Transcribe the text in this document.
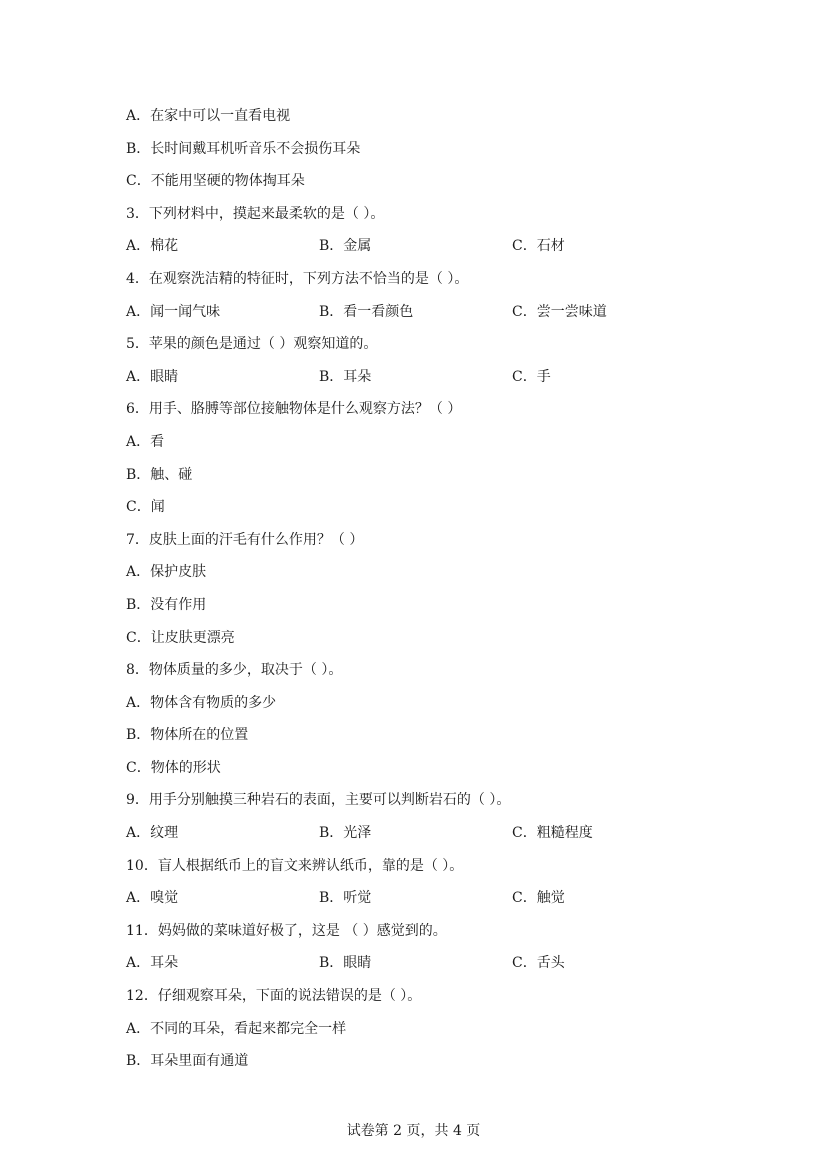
A．在家中可以一直看电视
B．长时间戴耳机听音乐不会损伤耳朵
C．不能用坚硬的物体掏耳朵
3．下列材料中，摸起来最柔软的是（ ）。
A．棉花	B．金属	C．石材
4．在观察洗洁精的特征时，下列方法不恰当的是（ ）。
A．闻一闻气味	B．看一看颜色	C．尝一尝味道
5．苹果的颜色是通过（ ）观察知道的。
A．眼睛	B．耳朵	C．手
6．用手、胳膊等部位接触物体是什么观察方法？（ ）
A．看
B．触、碰
C．闻
7．皮肤上面的汗毛有什么作用？（ ）
A．保护皮肤
B．没有作用
C．让皮肤更漂亮
8．物体质量的多少，取决于（ ）。
A．物体含有物质的多少
B．物体所在的位置
C．物体的形状
9．用手分别触摸三种岩石的表面，主要可以判断岩石的（ ）。
A．纹理	B．光泽	C．粗糙程度
10．盲人根据纸币上的盲文来辨认纸币，靠的是（ ）。
A．嗅觉	B．听觉	C．触觉
11．妈妈做的菜味道好极了，这是 （ ）感觉到的。
A．耳朵	B．眼睛	C．舌头
12．仔细观察耳朵，下面的说法错误的是（ ）。
A．不同的耳朵，看起来都完全一样
B．耳朵里面有通道
试卷第 2 页，共 4 页
